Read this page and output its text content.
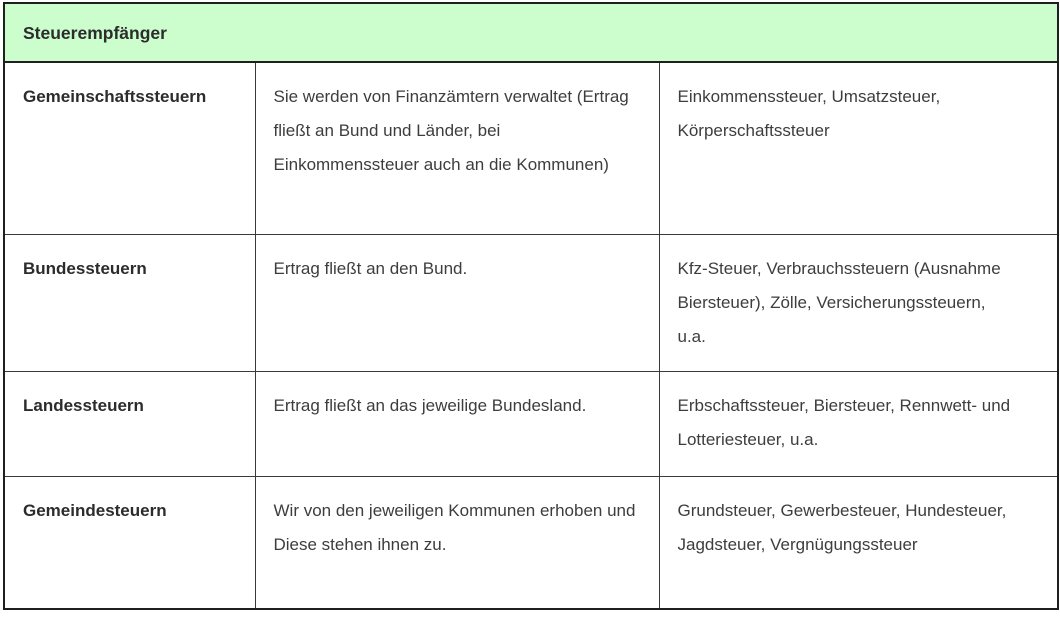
Steuerempfänger		
Gemeinschaftssteuern	Sie werden von Finanzämtern verwaltet (Ertrag fließt an Bund und Länder, bei Einkommenssteuer auch an die Kommunen)	Einkommenssteuer, Umsatzsteuer, Körperschaftssteuer
Bundessteuern	Ertrag fließt an den Bund.	Kfz-Steuer, Verbrauchssteuern (Ausnahme Biersteuer), Zölle, Versicherungssteuern, u.a.
Landessteuern	Ertrag fließt an das jeweilige Bundesland.	Erbschaftssteuer, Biersteuer, Rennwett- und Lotteriesteuer, u.a.
Gemeindesteuern	Wir von den jeweiligen Kommunen erhoben und Diese stehen ihnen zu.	Grundsteuer, Gewerbesteuer, Hundesteuer, Jagdsteuer, Vergnügungssteuer
